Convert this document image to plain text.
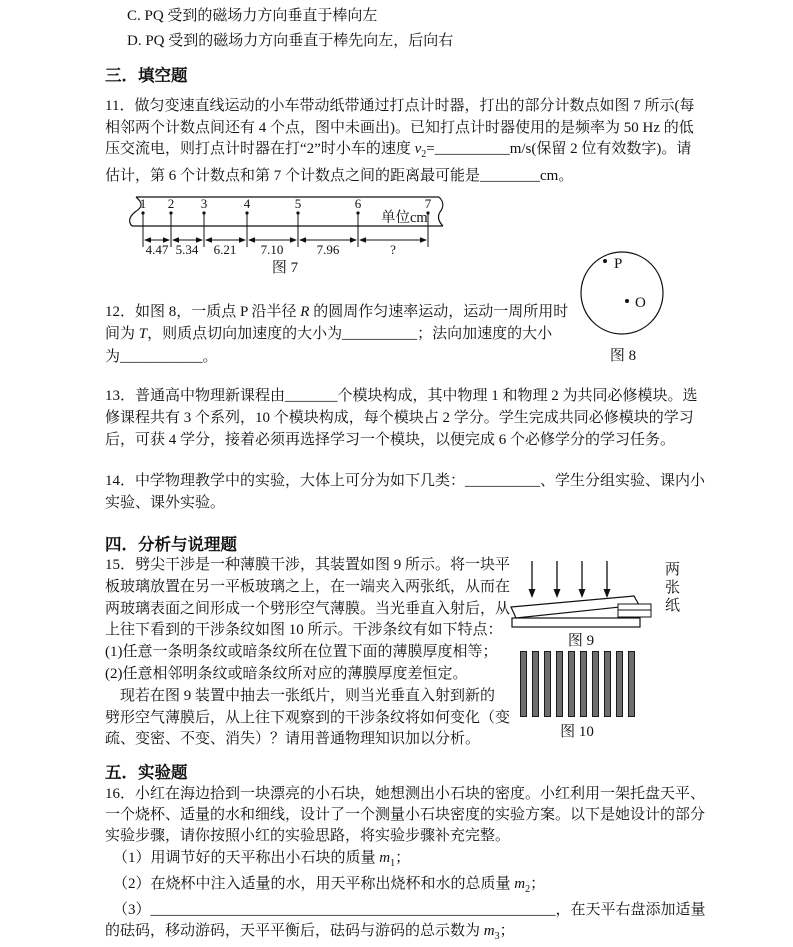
C. PQ 受到的磁场力方向垂直于棒向左
D. PQ 受到的磁场力方向垂直于棒先向左，后向右
三．填空题
11．做匀变速直线运动的小车带动纸带通过打点计时器，打出的部分计数点如图 7 所示(每
相邻两个计数点间还有 4 个点，图中未画出)。已知打点计时器使用的是频率为 50 Hz 的低
压交流电，则打点计时器在打“2”时小车的速度 $v_2=\_\_\_\_\_\_\_\_\_\_m/s$(保留 2 位有效数字)。请
估计，第 6 个计数点和第 7 个计数点之间的距离最可能是________cm。
1 2 3	4	5	6	7
4.47 5.34 6.21 7.10	7.96	?
单位cm
图 7	P
O
图 8
12．如图 8，一质点 P 沿半径 R 的圆周作匀速率运动，运动一周所用时
间为 T，则质点切向加速度的大小为__________；法向加速度的大小
为___________。
13．普通高中物理新课程由_______个模块构成，其中物理 1 和物理 2 为共同必修模块。选
修课程共有 3 个系列，10 个模块构成，每个模块占 2 学分。学生完成共同必修模块的学习
后，可获 4 学分，接着必须再选择学习一个模块，以便完成 6 个必修学分的学习任务。
14．中学物理教学中的实验，大体上可分为如下几类：__________、学生分组实验、课内小
实验、课外实验。
四．分析与说理题
15．劈尖干涉是一种薄膜干涉，其装置如图 9 所示。将一块平
板玻璃放置在另一平板玻璃之上，在一端夹入两张纸，从而在
两玻璃表面之间形成一个劈形空气薄膜。当光垂直入射后，从
上往下看到的干涉条纹如图 10 所示。干涉条纹有如下特点：
(1)任意一条明条纹或暗条纹所在位置下面的薄膜厚度相等；
(2)任意相邻明条纹或暗条纹所对应的薄膜厚度差恒定。
　现若在图 9 装置中抽去一张纸片，则当光垂直入射到新的
劈形空气薄膜后，从上往下观察到的干涉条纹将如何变化（变
疏、变密、不变、消失）？请用普通物理知识加以分析。
图 9
两张纸
图 10
五．实验题
16．小红在海边拾到一块漂亮的小石块，她想测出小石块的密度。小红利用一架托盘天平、
一个烧杯、适量的水和细线，设计了一个测量小石块密度的实验方案。以下是她设计的部分
实验步骤，请你按照小红的实验思路，将实验步骤补充完整。
（1）用调节好的天平称出小石块的质量 $m_1$；
（2）在烧杯中注入适量的水，用天平称出烧杯和水的总质量 $m_2$；
（3）______________________________________________________，在天平右盘添加适量
的砝码，移动游码，天平平衡后，砝码与游码的总示数为 $m_3$；
